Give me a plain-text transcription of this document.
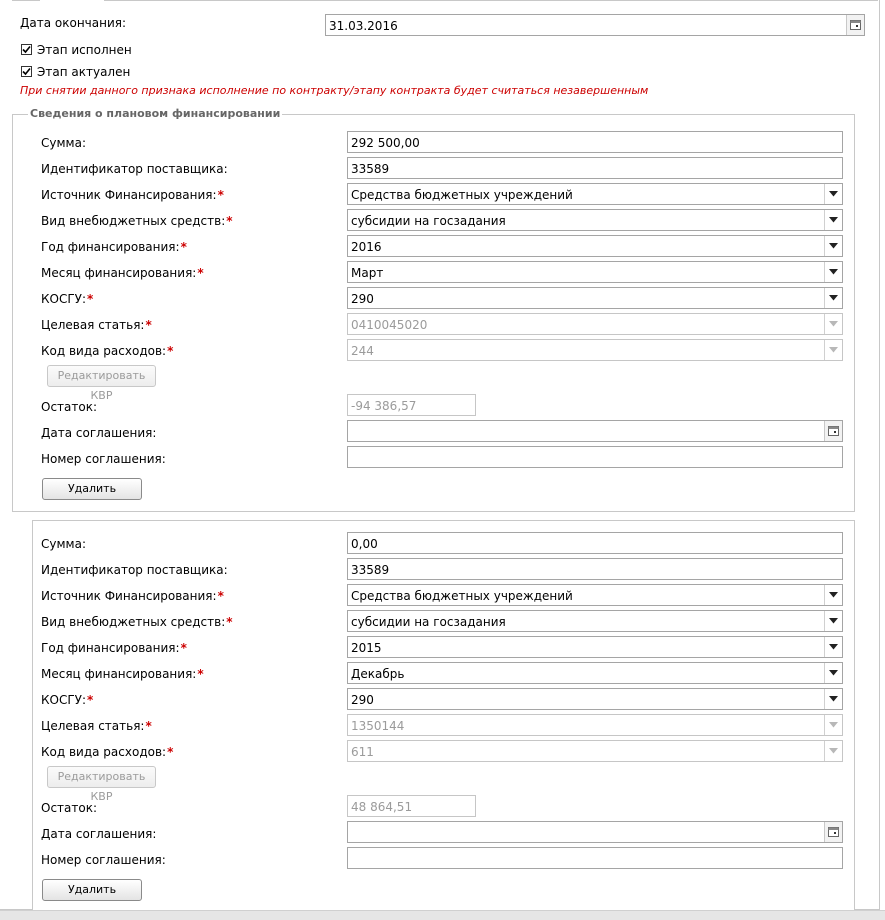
Дата окончания:	31.03.2016
Этап исполнен
Этап актуален
При снятии данного признака исполнение по контракту/этапу контракта будет считаться незавершенным
Сведения о плановом финансировании
Сумма:	292 500,00
Идентификатор поставщика:	33589
Источник Финансирования:*	Средства бюджетных учреждений
Вид внебюджетных средств:*	субсидии на госзадания
Год финансирования:*	2016
Месяц финансирования:*	Март
КОСГУ:*	290
Целевая статья:*	0410045020
Код вида расходов:*	244
Редактировать КВР
Остаток:	-94 386,57
Дата соглашения:
Номер соглашения:
Удалить
Сумма:	0,00
Идентификатор поставщика:	33589
Источник Финансирования:*	Средства бюджетных учреждений
Вид внебюджетных средств:*	субсидии на госзадания
Год финансирования:*	2015
Месяц финансирования:*	Декабрь
КОСГУ:*	290
Целевая статья:*	1350144
Код вида расходов:*	611
Редактировать КВР
Остаток:	48 864,51
Дата соглашения:
Номер соглашения:
Удалить
